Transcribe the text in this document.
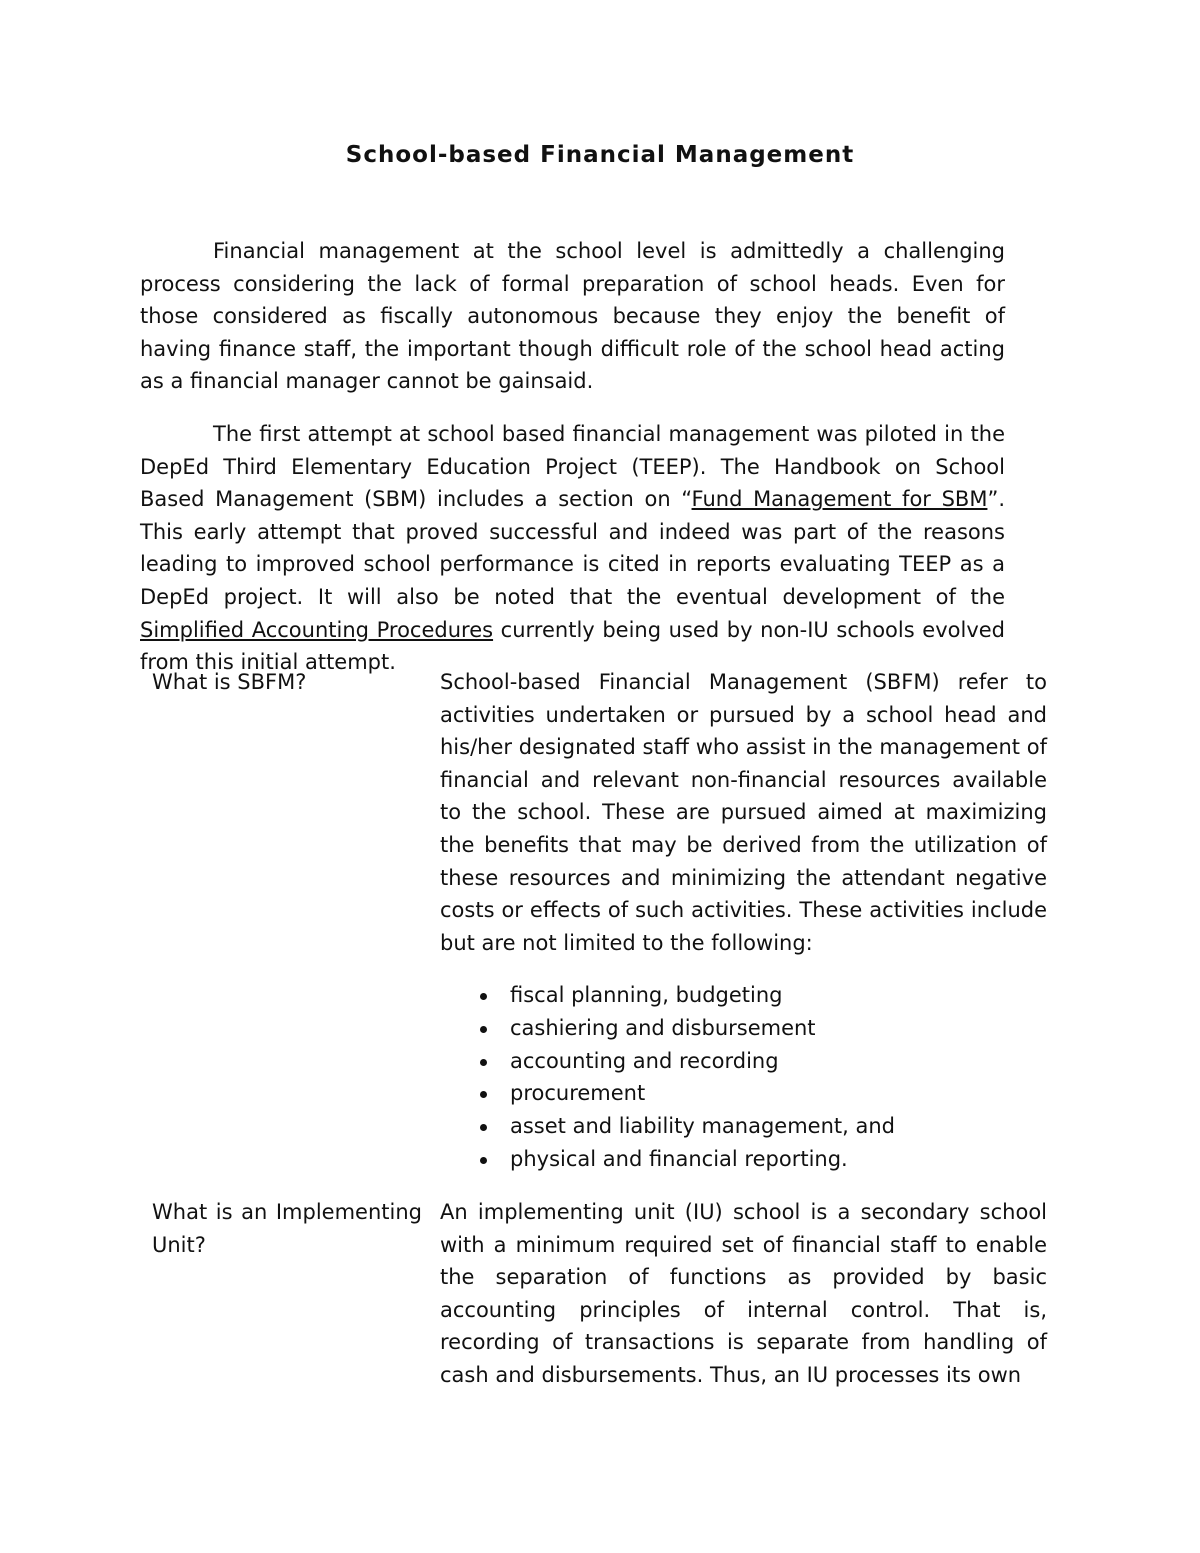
School-based Financial Management

Financial management at the school level is admittedly a challenging process considering the lack of formal preparation of school heads. Even for those considered as fiscally autonomous because they enjoy the benefit of having finance staff, the important though difficult role of the school head acting as a financial manager cannot be gainsaid.

The first attempt at school based financial management was piloted in the DepEd Third Elementary Education Project (TEEP). The Handbook on School Based Management (SBM) includes a section on “Fund Management for SBM”. This early attempt that proved successful and indeed was part of the reasons leading to improved school performance is cited in reports evaluating TEEP as a DepEd project. It will also be noted that the eventual development of the Simplified Accounting Procedures currently being used by non-IU schools evolved from this initial attempt.

What is SBFM?	School-based Financial Management (SBFM) refer to activities undertaken or pursued by a school head and his/her designated staff who assist in the management of financial and relevant non-financial resources available to the school. These are pursued aimed at maximizing the benefits that may be derived from the utilization of these resources and minimizing the attendant negative costs or effects of such activities. These activities include but are not limited to the following:

fiscal planning, budgeting
cashiering and disbursement
accounting and recording
procurement
asset and liability management, and
physical and financial reporting.

What is an Implementing Unit?

An implementing unit (IU) school is a secondary school with a minimum required set of financial staff to enable the separation of functions as provided by basic accounting principles of internal control. That is, recording of transactions is separate from handling of cash and disbursements. Thus, an IU processes its own
